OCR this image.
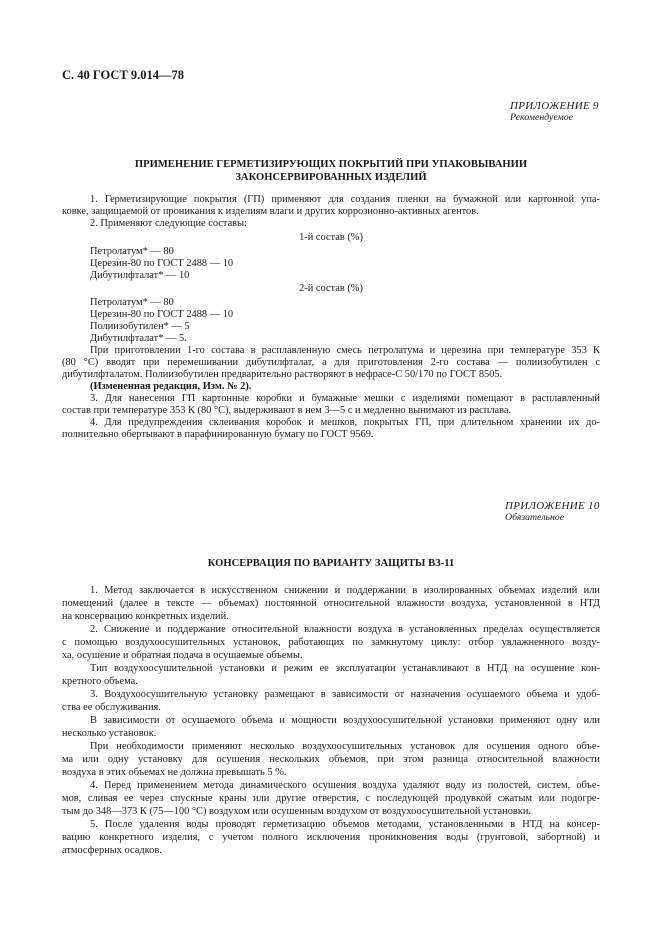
С. 40 ГОСТ 9.014—78
ПРИЛОЖЕНИЕ 9
Рекомендуемое
ПРИМЕНЕНИЕ ГЕРМЕТИЗИРУЮЩИХ ПОКРЫТИЙ ПРИ УПАКОВЫВАНИИ
ЗАКОНСЕРВИРОВАННЫХ ИЗДЕЛИЙ
1. Герметизирующие покрытия (ГП) применяют для создания пленки на бумажной или картонной упа-
ковке, защищаемой от проникания к изделиям влаги и других коррозионно-активных агентов.
2. Применяют следующие составы:
1-й состав (%)
Петролатум* — 80
Церезин-80 по ГОСТ 2488 — 10
Дибутилфталат* — 10
2-й состав (%)
Петролатум* — 80
Церезин-80 по ГОСТ 2488 — 10
Полиизобутилен* — 5
Дибутилфталат* — 5.
При приготовлении 1-го состава в расплавленную смесь петролатума и церезина при температуре 353 К
(80 °С) вводят при перемешивании дибутилфталат, а для приготовления 2-го состава — полиизобутилен с
дибутилфталатом. Полиизобутилен предварительно растворяют в нефрасе-С 50/170 по ГОСТ 8505.
(Измененная редакция, Изм. № 2).
3. Для нанесения ГП картонные коробки и бумажные мешки с изделиями помещают в расплавленный
состав при температуре 353 К (80 °С), выдерживают в нем 3—5 с и медленно вынимают из расплава.
4. Для предупреждения склеивания коробок и мешков, покрытых ГП, при длительном хранении их до-
полнительно обертывают в парафинированную бумагу по ГОСТ 9569.
ПРИЛОЖЕНИЕ 10
Обязательное
КОНСЕРВАЦИЯ ПО ВАРИАНТУ ЗАЩИТЫ ВЗ-11
1. Метод заключается в искусственном снижении и поддержании в изолированных объемах изделий или
помещений (далее в тексте — объемах) постоянной относительной влажности воздуха, установленной в НТД
на консервацию конкретных изделий.
2. Снижение и поддержание относительной влажности воздуха в установленных пределах осуществляется
с помощью воздухоосушительных установок, работающих по замкнутому циклу: отбор увлажненного возду-
ха, осушение и обратная подача в осушаемые объемы.
Тип воздухоосушительной установки и режим ее эксплуатации устанавливают в НТД на осушение кон-
кретного объема.
3. Воздухоосушительную установку размещают в зависимости от назначения осушаемого объема и удоб-
ства ее обслуживания.
В зависимости от осушаемого объема и мощности воздухоосушительной установки применяют одну или
несколько установок.
При необходимости применяют несколько воздухоосушительных установок для осушения одного объе-
ма или одну установку для осушения нескольких объемов, при этом разница относительной влажности
воздуха в этих объемах не должна превышать 5 %.
4. Перед применением метода динамического осушения воздуха удаляют воду из полостей, систем, объе-
мов, сливая ее через спускные краны или другие отверстия, с последующей продувкой сжатым или подогре-
тым до 348—373 К (75—100 °С) воздухом или осушенным воздухом от воздухоосушительной установки.
5. После удаления воды проводят герметизацию объемов методами, установленными в НТД на консер-
вацию конкретного изделия, с учетом полного исключения проникновения воды (грунтовой, забортной) и
атмосферных осадков.
